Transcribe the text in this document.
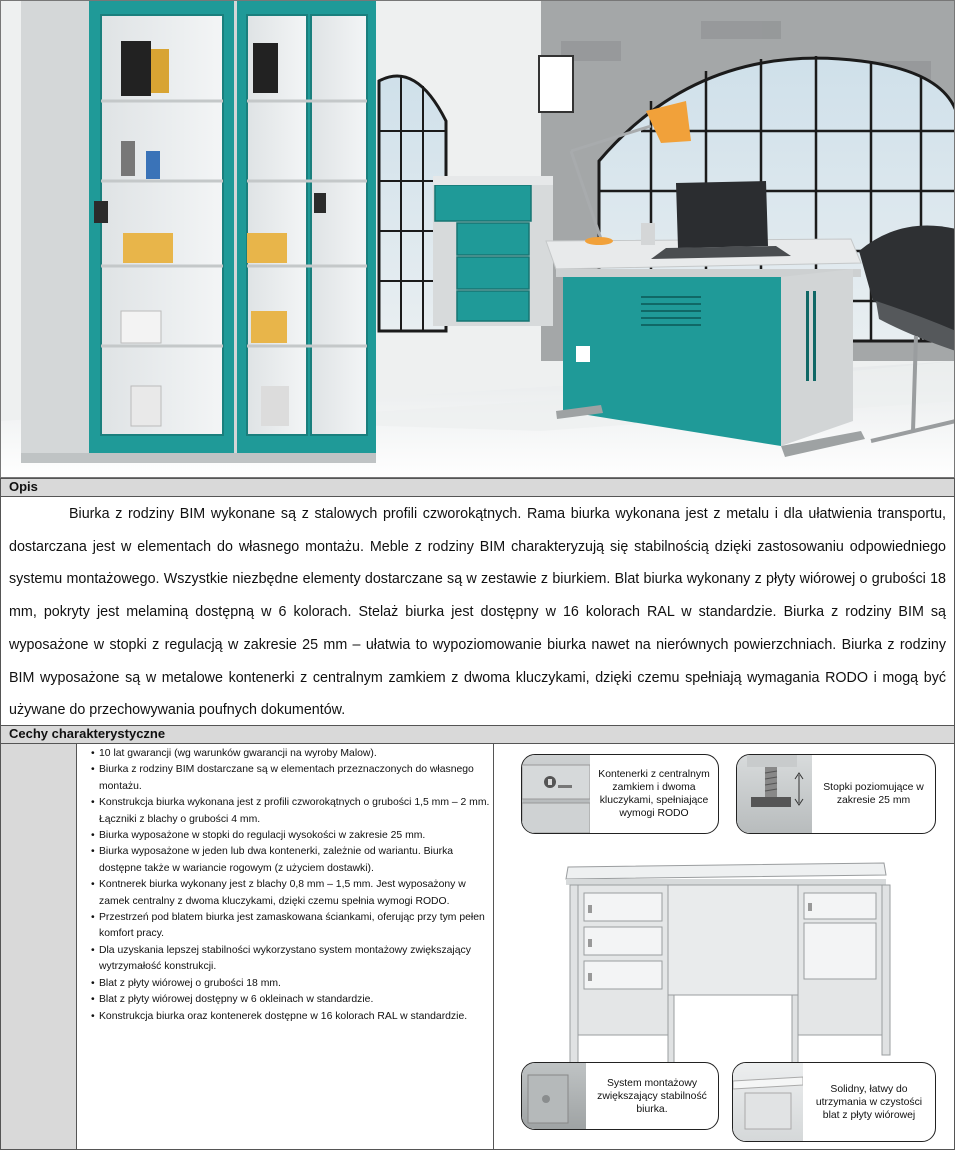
Opis

Biurka z rodziny BIM wykonane są z stalowych profili czworokątnych. Rama biurka wykonana jest z metalu i dla ułatwienia transportu, dostarczana jest w elementach do własnego montażu. Meble z rodziny BIM charakteryzują się stabilnością dzięki zastosowaniu odpowiedniego systemu montażowego. Wszystkie niezbędne elementy dostarczane są w zestawie z biurkiem. Blat biurka wykonany z płyty wiórowej o grubości 18 mm, pokryty jest melaminą dostępną w 6 kolorach. Stelaż biurka jest dostępny w 16 kolorach RAL w standardzie. Biurka z rodziny BIM są wyposażone w stopki z regulacją w zakresie 25 mm – ułatwia to wypoziomowanie biurka nawet na nierównych powierzchniach. Biurka z rodziny BIM wyposażone są w metalowe kontenerki z centralnym zamkiem z dwoma kluczykami, dzięki czemu spełniają wymagania RODO i mogą być używane do przechowywania poufnych dokumentów.

Cechy charakterystyczne
• 10 lat gwarancji (wg warunków gwarancji na wyroby Malow).
• Biurka z rodziny BIM dostarczane są w elementach przeznaczonych do własnego montażu.
• Konstrukcja biurka wykonana jest z profili czworokątnych o grubości 1,5 mm – 2 mm. Łączniki z blachy o grubości 4 mm.
• Biurka wyposażone w stopki do regulacji wysokości w zakresie 25 mm.
• Biurka wyposażone w jeden lub dwa kontenerki, zależnie od wariantu. Biurka dostępne także w wariancie rogowym (z użyciem dostawki).
• Kontnerek biurka wykonany jest z blachy 0,8 mm – 1,5 mm. Jest wyposażony w zamek centralny z dwoma kluczykami, dzięki czemu spełnia wymogi RODO.
• Przestrzeń pod blatem biurka jest zamaskowana ściankami, oferując przy tym pełen komfort pracy.
• Dla uzyskania lepszej stabilności wykorzystano system montażowy zwiększający wytrzymałość konstrukcji.
• Blat z płyty wiórowej o grubości 18 mm.
• Blat z płyty wiórowej dostępny w 6 okleinach w standardzie.
• Konstrukcja biurka oraz kontenerek dostępne w 16 kolorach RAL w standardzie.
Kontenerki z centralnym zamkiem i dwoma kluczykami, spełniające wymogi RODO
Stopki poziomujące w zakresie 25 mm
System montażowy zwiększający stabilność biurka.
Solidny, łatwy do utrzymania w czystości blat z płyty wiórowej
